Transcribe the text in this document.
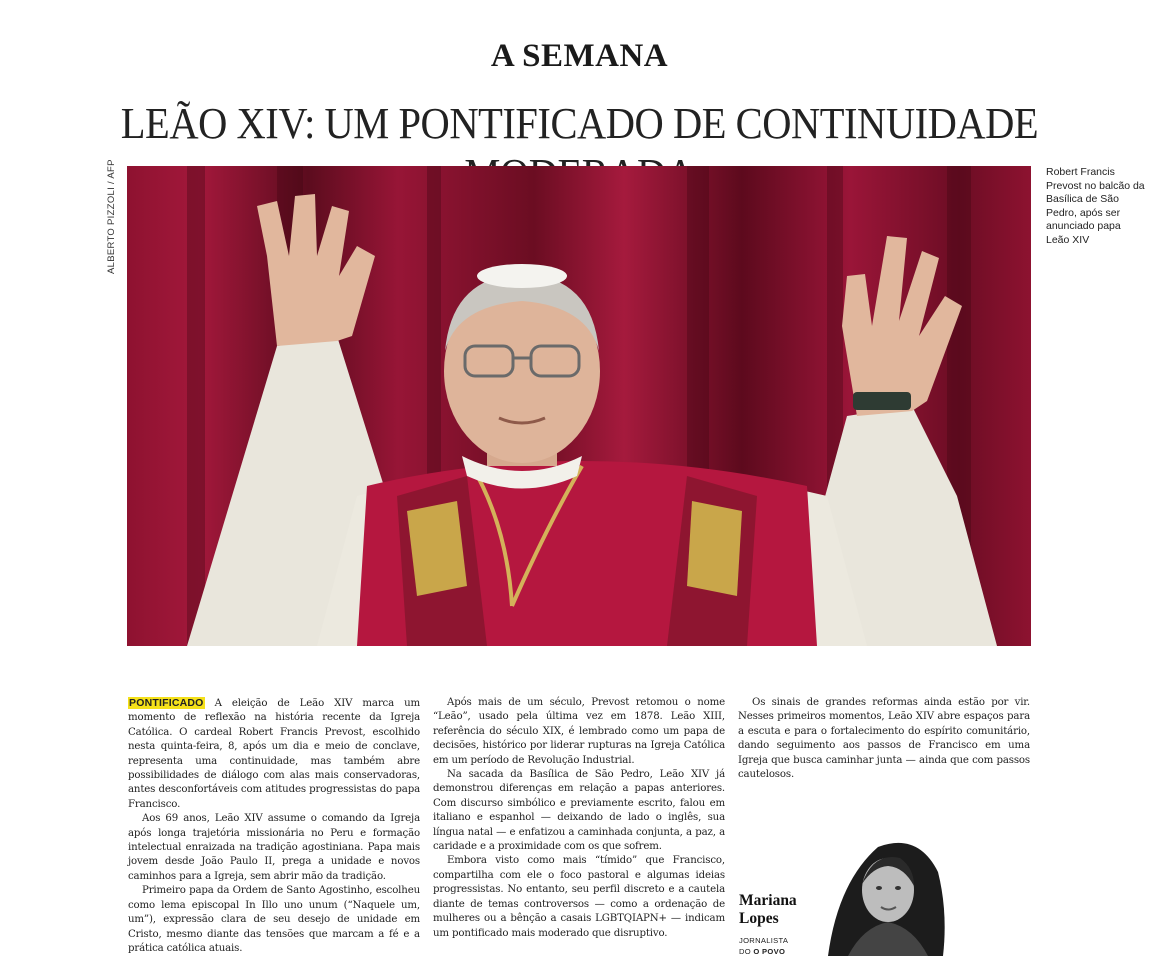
A SEMANA
LEÃO XIV: UM PONTIFICADO DE CONTINUIDADE
ALBERTO PIZZOLI / AFP	Robert Francis Prevost no balcão da Basílica de São Pedro, após ser anunciado papa Leão XIV

PONTIFICADO A eleição de Leão XIV marca um momento de reflexão na história recente da Igreja Católica. O cardeal Robert Francis Prevost, escolhido nesta quinta-feira, 8, após um dia e meio de conclave, representa uma continuidade, mas também abre possibilidades de diálogo com alas mais conservadoras, antes desconfortáveis com atitudes progressistas do papa Francisco.

Aos 69 anos, Leão XIV assume o comando da Igreja após longa trajetória missionária no Peru e formação intelectual enraizada na tradição agostiniana. Papa mais jovem desde João Paulo II, prega a unidade e novos caminhos para a Igreja, sem abrir mão da tradição.

Primeiro papa da Ordem de Santo Agostinho, escolheu como lema episcopal In Illo uno unum (“Naquele um, um”), expressão clara de seu desejo de unidade em Cristo, mesmo diante das tensões que marcam a fé e a prática católica atuais.

Após mais de um século, Prevost retomou o nome “Leão”, usado pela última vez em 1878. Leão XIII, referência do século XIX, é lembrado como um papa de decisões, histórico por liderar rupturas na Igreja Católica em um período de Revolução Industrial.

Na sacada da Basílica de São Pedro, Leão XIV já demonstrou diferenças em relação a papas anteriores. Com discurso simbólico e previamente escrito, falou em italiano e espanhol — deixando de lado o inglês, sua língua natal — e enfatizou a caminhada conjunta, a paz, a caridade e a proximidade com os que sofrem.

Embora visto como mais “tímido” que Francisco, compartilha com ele o foco pastoral e algumas ideias progressistas. No entanto, seu perfil discreto e a cautela diante de temas controversos — como a ordenação de mulheres ou a bênção a casais LGBTQIAPN+ — indicam um pontificado mais moderado que disruptivo.

Os sinais de grandes reformas ainda estão por vir. Nesses primeiros momentos, Leão XIV abre espaços para a escuta e para o fortalecimento do espírito comunitário, dando seguimento aos passos de Francisco em uma Igreja que busca caminhar junta — ainda que com passos cautelosos.

Mariana Lopes
JORNALISTA
DO O POVO
